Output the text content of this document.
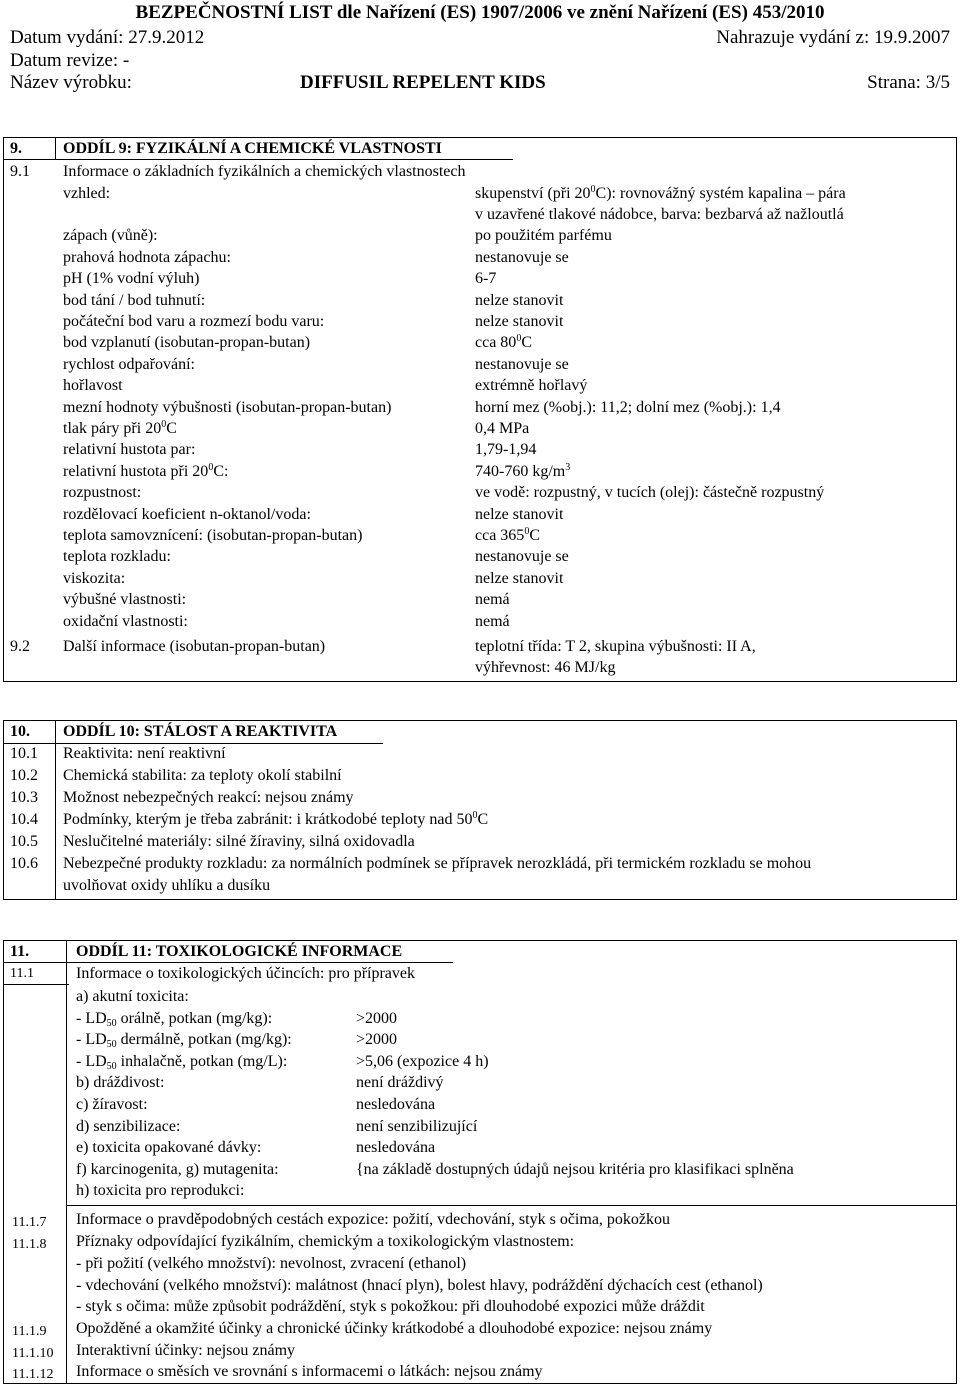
BEZPEČNOSTNÍ LIST dle Nařízení (ES) 1907/2006 ve znění Nařízení (ES) 453/2010
Datum vydání: 27.9.2012	Nahrazuje vydání z: 19.9.2007
Datum revize: -
Název výrobku:	DIFFUSIL REPELENT KIDS	Strana: 3/5
9.	ODDÍL 9: FYZIKÁLNÍ A CHEMICKÉ VLASTNOSTI
9.1 Informace o základních fyzikálních a chemických vlastnostech
vzhled:	skupenství (při $20^0C$): rovnovážný systém kapalina – pára
v uzavřené tlakové nádobce, barva: bezbarvá až nažloutlá
zápach (vůně):	po použitém parfému
prahová hodnota zápachu:	nestanovuje se
pH (1% vodní výluh)	6-7
bod tání / bod tuhnutí:	nelze stanovit
počáteční bod varu a rozmezí bodu varu:	nelze stanovit
bod vzplanutí (isobutan-propan-butan)	cca $80^0C$
rychlost odpařování:	nestanovuje se
hořlavost	extrémně hořlavý
mezní hodnoty výbušnosti (isobutan-propan-butan)	horní mez (%obj.): 11,2; dolní mez (%obj.): 1,4
tlak páry při $20^0C$	0,4 MPa
relativní hustota par:	1,79-1,94
relativní hustota při $20^0C$:	740-760 $kg/m^3$
rozpustnost:	ve vodě: rozpustný, v tucích (olej): částečně rozpustný
rozdělovací koeficient n-oktanol/voda:	nelze stanovit
teplota samovznícení: (isobutan-propan-butan)	cca $365^0C$
teplota rozkladu:	nestanovuje se
viskozita:	nelze stanovit
výbušné vlastnosti:	nemá
oxidační vlastnosti:	nemá
9.2 Další informace (isobutan-propan-butan)	teplotní třída: T 2, skupina výbušnosti: II A,
výhřevnost: 46 MJ/kg
10. ODDÍL 10: STÁLOST A REAKTIVITA
10.1 Reaktivita: není reaktivní
10.2 Chemická stabilita: za teploty okolí stabilní
10.3 Možnost nebezpečných reakcí: nejsou známy
10.4 Podmínky, kterým je třeba zabránit: i krátkodobé teploty nad $50^0C$
10.5 Neslučitelné materiály: silné žíraviny, silná oxidovadla
10.6 Nebezpečné produkty rozkladu: za normálních podmínek se přípravek nerozkládá, při termickém rozkladu se mohou
uvolňovat oxidy uhlíku a dusíku
11.	ODDÍL 11: TOXIKOLOGICKÉ INFORMACE
11.1	Informace o toxikologických účincích: pro přípravek
a) akutní toxicita:
- $LD_{50}$ orálně, potkan (mg/kg):	>2000
- $LD_{50}$ dermálně, potkan (mg/kg):	>2000
- $LD_{50}$ inhalačně, potkan (mg/L):	>5,06 (expozice 4 h)
b) dráždivost:	není dráždivý
c) žíravost:	nesledována
d) senzibilizace:	není senzibilizující
e) toxicita opakované dávky:	nesledována
f) karcinogenita, g) mutagenita:	{na základě dostupných údajů nejsou kritéria pro klasifikaci splněna
h) toxicita pro reprodukci:
11.1.7 Informace o pravděpodobných cestách expozice: požití, vdechování, styk s očima, pokožkou
11.1.8 Příznaky odpovídající fyzikálním, chemickým a toxikologickým vlastnostem:
- při požití (velkého množství): nevolnost, zvracení (ethanol)
- vdechování (velkého množství): malátnost (hnací plyn), bolest hlavy, podráždění dýchacích cest (ethanol)
- styk s očima: může způsobit podráždění, styk s pokožkou: při dlouhodobé expozici může dráždit
11.1.9 Opožděné a okamžité účinky a chronické účinky krátkodobé a dlouhodobé expozice: nejsou známy
11.1.10 Interaktivní účinky: nejsou známy
11.1.12 Informace o směsích ve srovnání s informacemi o látkách: nejsou známy
